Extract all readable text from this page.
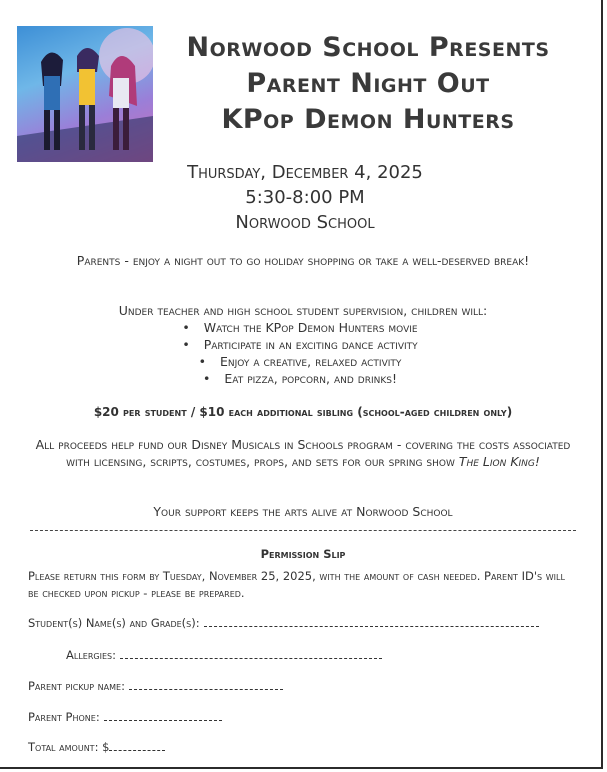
Norwood School Presents
Parent Night Out
KPop Demon Hunters
Thursday, December 4, 2025
5:30-8:00 PM
Norwood School
Parents - enjoy a night out to go holiday shopping or take a well-deserved break!
Under teacher and high school student supervision, children will:
• Watch the KPop Demon Hunters movie
• Participate in an exciting dance activity
• Enjoy a creative, relaxed activity
• Eat pizza, popcorn, and drinks!
$20 per student / $10 each additional sibling (school-aged children only)
All proceeds help fund our Disney Musicals in Schools program - covering the costs associated with licensing, scripts, costumes, props, and sets for our spring show The Lion King!
Your support keeps the arts alive at Norwood School
Permission Slip
Please return this form by Tuesday, November 25, 2025, with the amount of cash needed. Parent ID's will be checked upon pickup - please be prepared.
Student(s) Name(s) and Grade(s):
Allergies:
Parent pickup name:
Parent Phone:
Total amount: $
